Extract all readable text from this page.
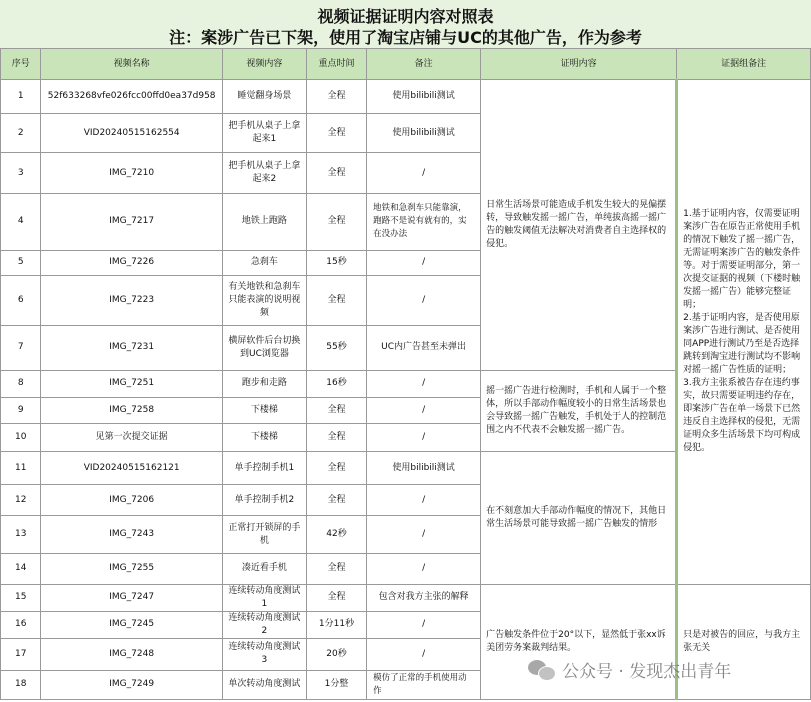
视频证据证明内容对照表
注：案涉广告已下架，使用了淘宝店铺与UC的其他广告，作为参考
序号	视频名称	视频内容	重点时间	备注	证明内容	证据组备注
1	52f633268vfe026fcc00ffd0ea37d958	睡觉翻身场景	全程	使用bilibili测试	日常生活场景可能造成手机发生较大的晃偏摆转，导致触发摇一摇广告，单纯拔高摇一摇广告的触发阈值无法解决对消费者自主选择权的侵犯。	1.基于证明内容，仅需要证明案涉广告在原告正常使用手机的情况下触发了摇一摇广告，无需证明案涉广告的触发条件等。对于需要证明部分，第一次提交证据的视频（下楼时触发摇一摇广告）能够完整证明；
2.基于证明内容，是否使用原案涉广告进行测试、是否使用同APP进行测试乃至是否选择跳转到淘宝进行测试均不影响对摇一摇广告性质的证明；
3.我方主张系被告存在违约事实，故只需要证明违约存在，即案涉广告在单一场景下已然违反自主选择权的侵犯，无需证明众多生活场景下均可构成侵犯。

2	VID20240515162554	把手机从桌子上拿起来1	全程	使用bilibili测试		
3	IMG_7210	把手机从桌子上拿起来2	全程	/		
4	IMG_7217	地铁上跑路	全程	地铁和急刹车只能靠演，跑路不是说有就有的，实在没办法		
5	IMG_7226	急刹车	15秒	/		
6	IMG_7223	有关地铁和急刹车只能表演的说明视频	全程	/		
7	IMG_7231	横屏软件后台切换到UC浏览器	55秒	UC内广告甚至未弹出		
8	IMG_7251	跑步和走路	16秒	/	摇一摇广告进行检测时，手机和人属于一个整体，所以手部动作幅度较小的日常生活场景也会导致摇一摇广告触发，手机处于人的控制范围之内不代表不会触发摇一摇广告。	
9	IMG_7258	下楼梯	全程	/		
10	见第一次提交证据	下楼梯	全程	/		
11	VID20240515162121	单手控制手机1	全程	使用bilibili测试	在不刻意加大手部动作幅度的情况下，其他日常生活场景可能导致摇一摇广告触发的情形	
12	IMG_7206	单手控制手机2	全程	/		
13	IMG_7243	正常打开锁屏的手机	42秒	/		
14	IMG_7255	凑近看手机	全程	/		
15	IMG_7247	连续转动角度测试1	全程	包含对我方主张的解释	广告触发条件位于20°以下，显然低于张xx诉美团劳务案裁判结果。	只是对被告的回应，与我方主张无关
16	IMG_7245	连续转动角度测试2	1分11秒	/		
17	IMG_7248	连续转动角度测试3	20秒	/		
18	IMG_7249	单次转动角度测试	1分整	模仿了正常的手机使用动作		
公众号 · 发现杰出青年
